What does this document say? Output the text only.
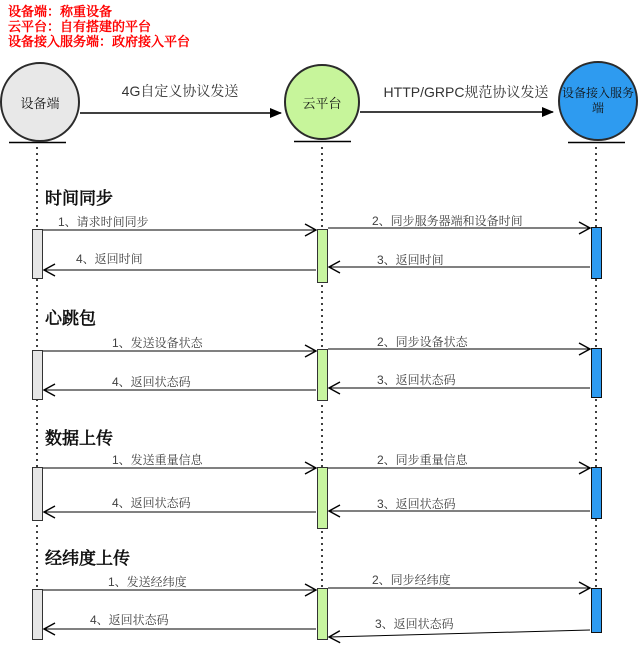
设备端：称重设备
云平台：自有搭建的平台
设备接入服务端：政府接入平台
设备端	云平台
设备接入服务端
4G自定义协议发送	HTTP/GRPC规范协议发送
时间同步
心跳包
数据上传
经纬度上传
1、请求时间同步	2、同步服务器端和设备时间
3、返回时间
4、返回时间
1、发送设备状态	2、同步设备状态
3、返回状态码
4、返回状态码
1、发送重量信息	2、同步重量信息
3、返回状态码
4、返回状态码
1、发送经纬度	2、同步经纬度
3、返回状态码
4、返回状态码
